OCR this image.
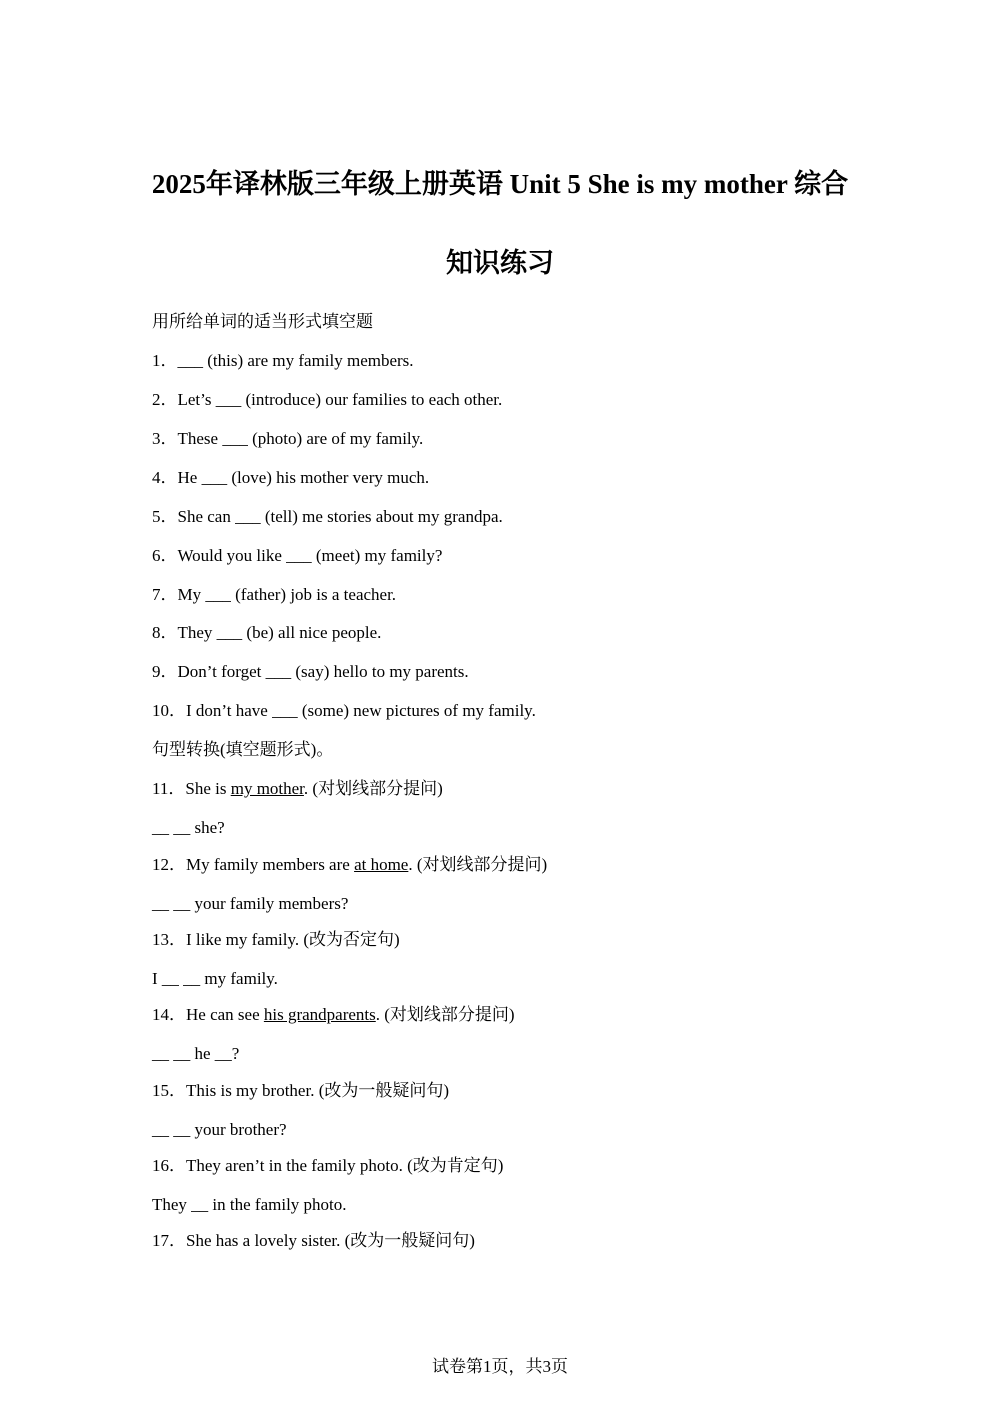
2025年译林版三年级上册英语 Unit 5 She is my mother 综合
知识练习
用所给单词的适当形式填空题
1．___ (this) are my family members.
2．Let’s ___ (introduce) our families to each other.
3．These ___ (photo) are of my family.
4．He ___ (love) his mother very much.
5．She can ___ (tell) me stories about my grandpa.
6．Would you like ___ (meet) my family?
7．My ___ (father) job is a teacher.
8．They ___ (be) all nice people.
9．Don’t forget ___ (say) hello to my parents.
10．I don’t have ___ (some) new pictures of my family.
句型转换(填空题形式)。
11．She is my mother. (对划线部分提问)
__ __ she?
12．My family members are at home. (对划线部分提问)
__ __ your family members?
13．I like my family. (改为否定句)
I __ __ my family.
14．He can see his grandparents. (对划线部分提问)
__ __ he __?
15．This is my brother. (改为一般疑问句)
__ __ your brother?
16．They aren’t in the family photo. (改为肯定句)
They __ in the family photo.
17．She has a lovely sister. (改为一般疑问句)
试卷第1页，共3页
